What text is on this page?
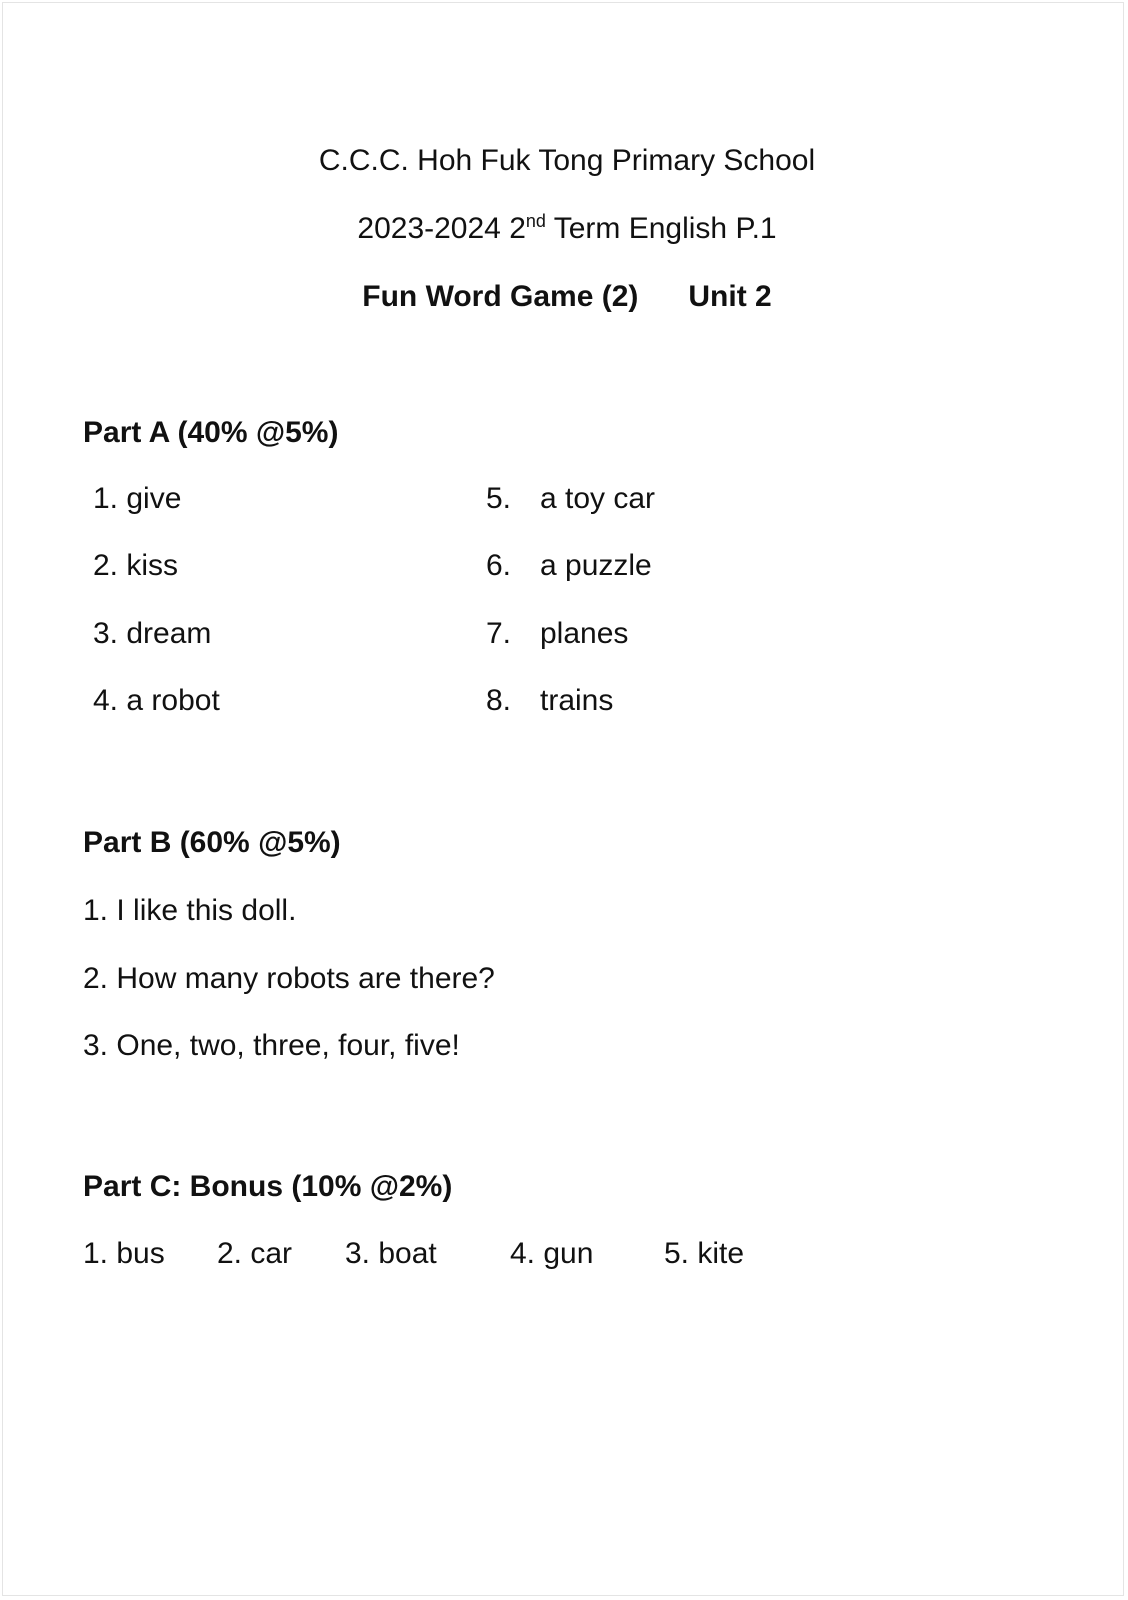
C.C.C. Hoh Fuk Tong Primary School
2023-2024 2nd Term English P.1
Fun Word Game (2) Unit 2
Part A (40% @5%)
1. give
2. kiss
3. dream
4. a robot
5. a toy car
6. a puzzle
7. planes
8. trains
Part B (60% @5%)
1. I like this doll.
2. How many robots are there?
3. One, two, three, four, five!
Part C: Bonus (10% @2%)
1. bus 2. car 3. boat 4. gun 5. kite
